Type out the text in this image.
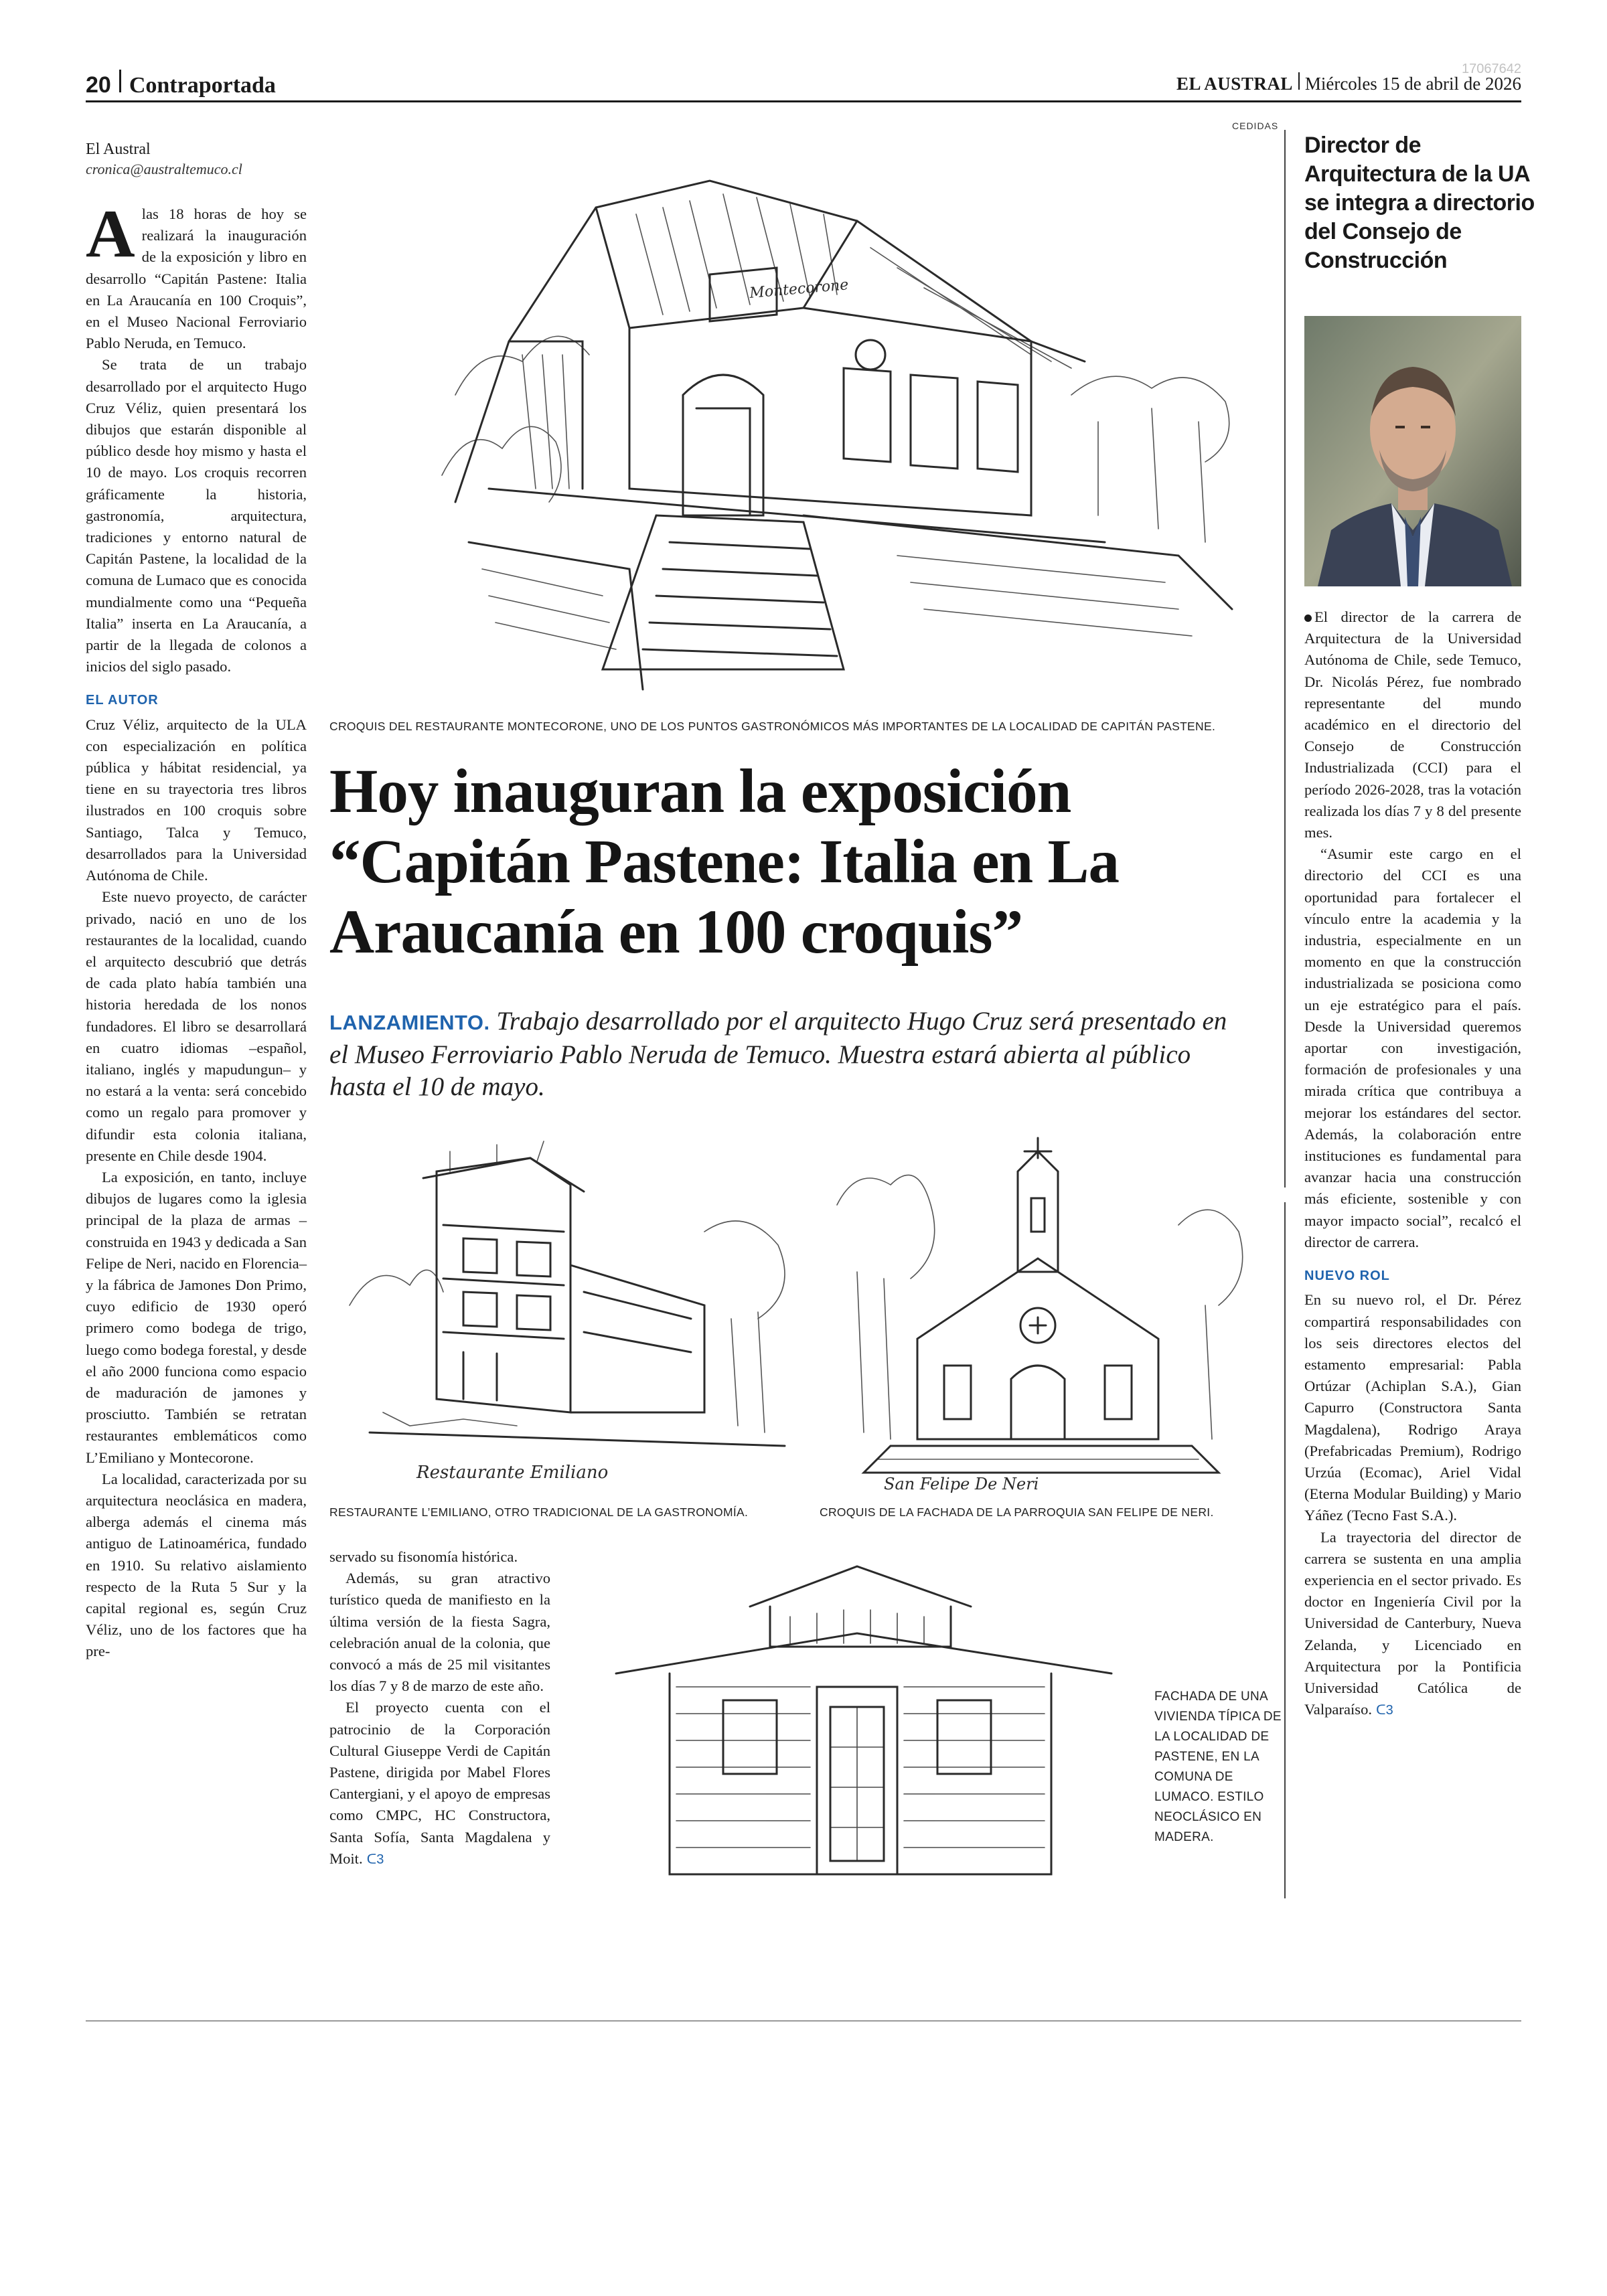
20 Contraportada
17067642
EL AUSTRAL Miércoles 15 de abril de 2026
CEDIDAS
El Austral
cronica@australtemuco.cl

Alas 18 horas de hoy se realizará la inauguración de la exposición y libro en desarrollo “Capitán Pastene: Italia en La Araucanía en 100 Croquis”, en el Museo Nacional Ferroviario Pablo Neruda, en Temuco.

Se trata de un trabajo desarrollado por el arquitecto Hugo Cruz Véliz, quien presentará los dibujos que estarán disponible al público desde hoy mismo y hasta el 10 de mayo. Los croquis recorren gráficamente la historia, gastronomía, arquitectura, tradiciones y entorno natural de Capitán Pastene, la localidad de la comuna de Lumaco que es conocida mundialmente como una “Pequeña Italia” inserta en La Araucanía, a partir de la llegada de colonos a inicios del siglo pasado.

EL AUTOR

Cruz Véliz, arquitecto de la ULA con especialización en política pública y hábitat residencial, ya tiene en su trayectoria tres libros ilustrados en 100 croquis sobre Santiago, Talca y Temuco, desarrollados para la Universidad Autónoma de Chile.

Este nuevo proyecto, de carácter privado, nació en uno de los restaurantes de la localidad, cuando el arquitecto descubrió que detrás de cada plato había también una historia heredada de los nonos fundadores. El libro se desarrollará en cuatro idiomas –español, italiano, inglés y mapudungun– y no estará a la venta: será concebido como un regalo para promover y difundir esta colonia italiana, presente en Chile desde 1904.

La exposición, en tanto, incluye dibujos de lugares como la iglesia principal de la plaza de armas –construida en 1943 y dedicada a San Felipe de Neri, nacido en Florencia– y la fábrica de Jamones Don Primo, cuyo edificio de 1930 operó primero como bodega de trigo, luego como bodega forestal, y desde el año 2000 funciona como espacio de maduración de jamones y prosciutto. También se retratan restaurantes emblemáticos como L’Emiliano y Montecorone.

La localidad, caracterizada por su arquitectura neoclásica en madera, alberga además el cinema más antiguo de Latinoamérica, fundado en 1910. Su relativo aislamiento respecto de la Ruta 5 Sur y la capital regional es, según Cruz Véliz, uno de los factores que ha pre-

servado su fisonomía histórica.

Además, su gran atractivo turístico queda de manifiesto en la última versión de la fiesta Sagra, celebración anual de la colonia, que convocó a más de 25 mil visitantes los días 7 y 8 de marzo de este año.

El proyecto cuenta con el patrocinio de la Corporación Cultural Giuseppe Verdi de Capitán Pastene, dirigida por Mabel Flores Cantergiani, y el apoyo de empresas como CMPC, HC Constructora, Santa Sofía, Santa Magdalena y Moit. ᑕ3

Montecorone
CROQUIS DEL RESTAURANTE MONTECORONE, UNO DE LOS PUNTOS GASTRONÓMICOS MÁS IMPORTANTES DE LA LOCALIDAD DE CAPITÁN PASTENE.
Hoy inauguran la exposición “Capitán Pastene: Italia en La Araucanía en 100 croquis”
LANZAMIENTO. Trabajo desarrollado por el arquitecto Hugo Cruz será presentado en el Museo Ferroviario Pablo Neruda de Temuco. Muestra estará abierta al público hasta el 10 de mayo.
Restaurante Emiliano
RESTAURANTE L’EMILIANO, OTRO TRADICIONAL DE LA GASTRONOMÍA.
San Felipe De Neri
CROQUIS DE LA FACHADA DE LA PARROQUIA SAN FELIPE DE NERI.
FACHADA DE UNA VIVIENDA TÍPICA DE LA LOCALIDAD DE PASTENE, EN LA COMUNA DE LUMACO. ESTILO NEOCLÁSICO EN MADERA.
Director de Arquitectura de la UA se integra a directorio del Consejo de Construcción

El director de la carrera de Arquitectura de la Universidad Autónoma de Chile, sede Temuco, Dr. Nicolás Pérez, fue nombrado representante del mundo académico en el directorio del Consejo de Construcción Industrializada (CCI) para el período 2026-2028, tras la votación realizada los días 7 y 8 del presente mes.

“Asumir este cargo en el directorio del CCI es una oportunidad para fortalecer el vínculo entre la academia y la industria, especialmente en un momento en que la construcción industrializada se posiciona como un eje estratégico para el país. Desde la Universidad queremos aportar con investigación, formación de profesionales y una mirada crítica que contribuya a mejorar los estándares del sector. Además, la colaboración entre instituciones es fundamental para avanzar hacia una construcción más eficiente, sostenible y con mayor impacto social”, recalcó el director de carrera.

NUEVO ROL

En su nuevo rol, el Dr. Pérez compartirá responsabilidades con los seis directores electos del estamento empresarial: Pabla Ortúzar (Achiplan S.A.), Gian Capurro (Constructora Santa Magdalena), Rodrigo Araya (Prefabricadas Premium), Rodrigo Urzúa (Ecomac), Ariel Vidal (Eterna Modular Building) y Mario Yáñez (Tecno Fast S.A.).

La trayectoria del director de carrera se sustenta en una amplia experiencia en el sector privado. Es doctor en Ingeniería Civil por la Universidad de Canterbury, Nueva Zelanda, y Licenciado en Arquitectura por la Pontificia Universidad Católica de Valparaíso. ᑕ3
